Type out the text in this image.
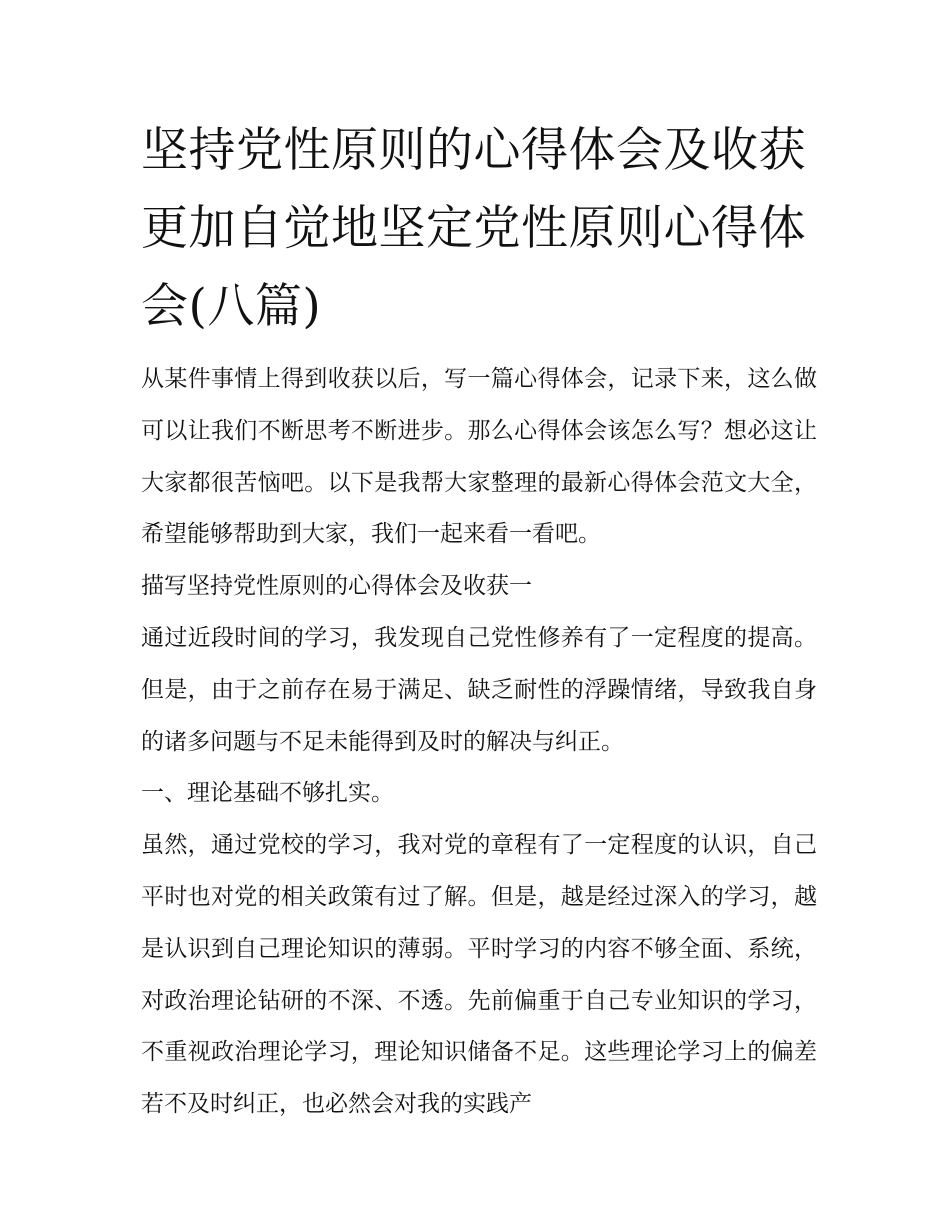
坚持党性原则的心得体会及收获 更加自觉地坚定党性原则心得体会(八篇)

从某件事情上得到收获以后，写一篇心得体会，记录下来，这么做可以让我们不断思考不断进步。那么心得体会该怎么写？想必这让大家都很苦恼吧。以下是我帮大家整理的最新心得体会范文大全，希望能够帮助到大家，我们一起来看一看吧。

描写坚持党性原则的心得体会及收获一

通过近段时间的学习，我发现自己党性修养有了一定程度的提高。但是，由于之前存在易于满足、缺乏耐性的浮躁情绪，导致我自身的诸多问题与不足未能得到及时的解决与纠正。

一、理论基础不够扎实。

虽然，通过党校的学习，我对党的章程有了一定程度的认识，自己平时也对党的相关政策有过了解。但是，越是经过深入的学习，越是认识到自己理论知识的薄弱。平时学习的内容不够全面、系统，对政治理论钻研的不深、不透。先前偏重于自己专业知识的学习，不重视政治理论学习，理论知识储备不足。这些理论学习上的偏差若不及时纠正，也必然会对我的实践产
